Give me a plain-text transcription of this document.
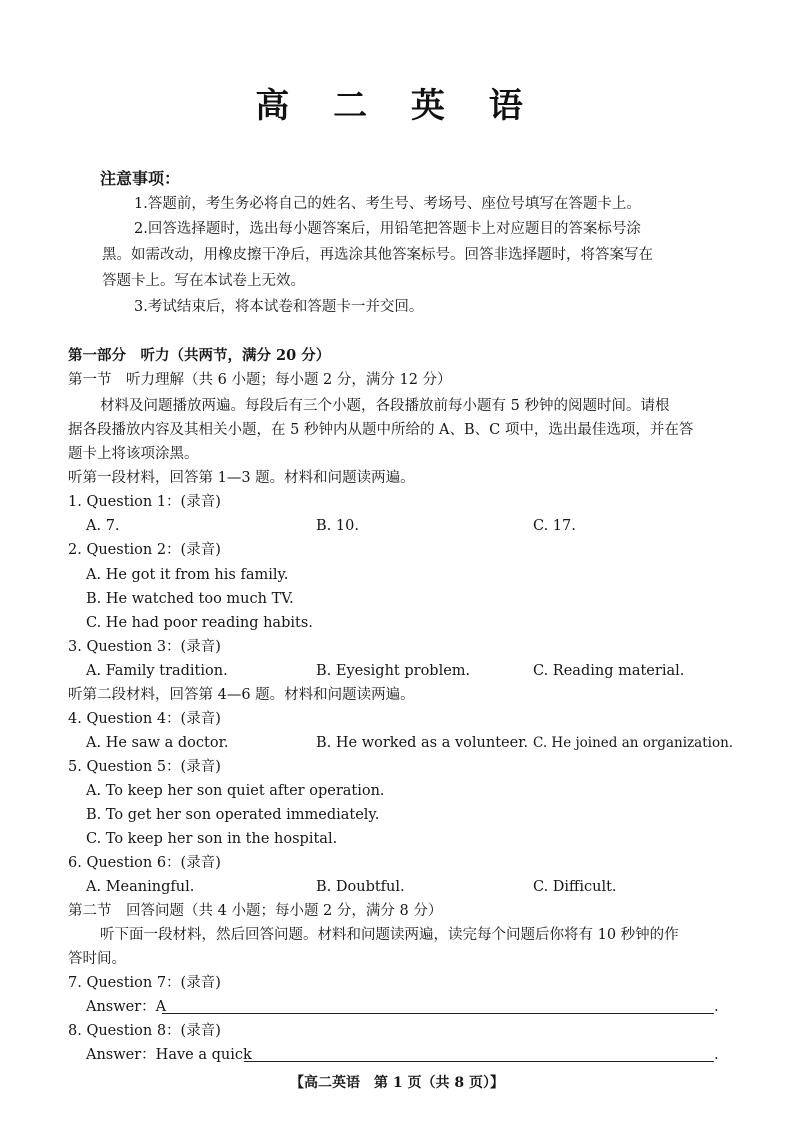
高 二 英 语
注意事项：
1.答题前，考生务必将自己的姓名、考生号、考场号、座位号填写在答题卡上。
2.回答选择题时，选出每小题答案后，用铅笔把答题卡上对应题目的答案标号涂
黑。如需改动，用橡皮擦干净后，再选涂其他答案标号。回答非选择题时，将答案写在
答题卡上。写在本试卷上无效。
3.考试结束后，将本试卷和答题卡一并交回。
第一部分　听力（共两节，满分 20 分）
第一节　听力理解（共 6 小题；每小题 2 分，满分 12 分）
材料及问题播放两遍。每段后有三个小题，各段播放前每小题有 5 秒钟的阅题时间。请根
据各段播放内容及其相关小题，在 5 秒钟内从题中所给的 A、B、C 项中，选出最佳选项，并在答
题卡上将该项涂黑。
听第一段材料，回答第 1—3 题。材料和问题读两遍。
1. Question 1：(录音)
A. 7.	B. 10.	C. 17.
2. Question 2：(录音)
A. He got it from his family.
B. He watched too much TV.
C. He had poor reading habits.
3. Question 3：(录音)
A. Family tradition.	B. Eyesight problem.	C. Reading material.
听第二段材料，回答第 4—6 题。材料和问题读两遍。
4. Question 4：(录音)
A. He saw a doctor.	B. He worked as a volunteer. C. He joined an organization.
5. Question 5：(录音)
A. To keep her son quiet after operation.
B. To get her son operated immediately.
C. To keep her son in the hospital.
6. Question 6：(录音)
A. Meaningful.	B. Doubtful.	C. Difficult.
第二节　回答问题（共 4 小题；每小题 2 分，满分 8 分）
听下面一段材料，然后回答问题。材料和问题读两遍，读完每个问题后你将有 10 秒钟的作
答时间。
7. Question 7：(录音)
Answer：A	.
8. Question 8：(录音)
Answer：Have a quick	.
【高二英语　第 1 页（共 8 页）】
